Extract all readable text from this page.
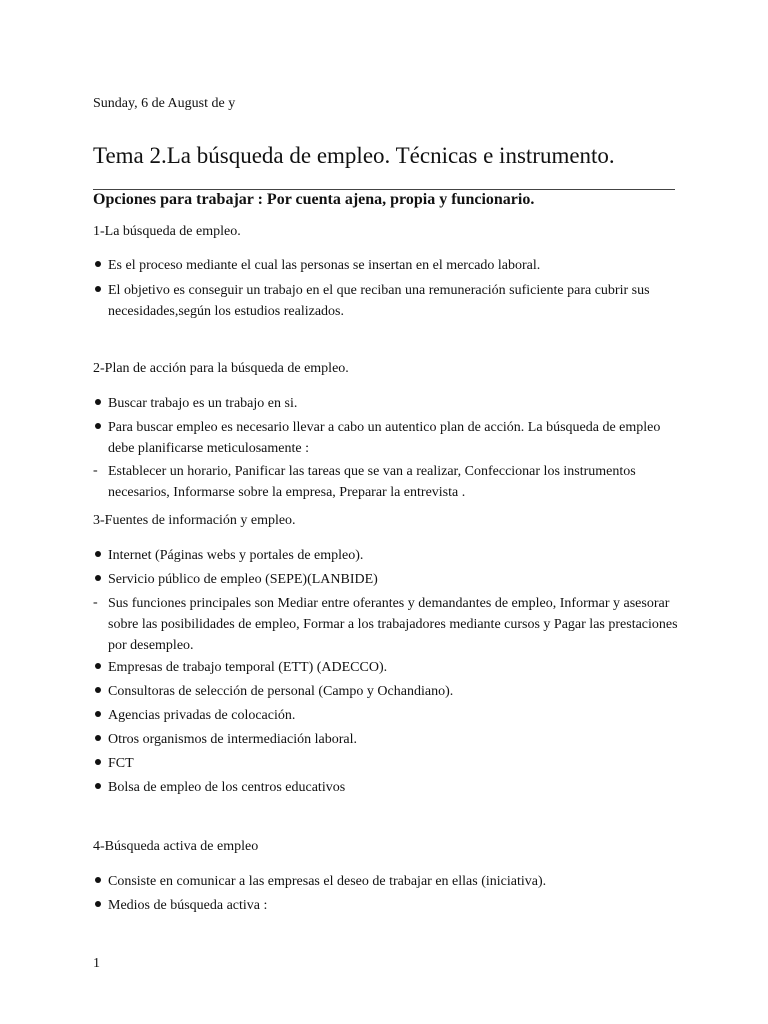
Sunday, 6 de August de y
Tema 2.La búsqueda de empleo. Técnicas e instrumento.
Opciones para trabajar : Por cuenta ajena, propia y funcionario.
1-La búsqueda de empleo.
Es el proceso mediante el cual las personas se insertan en el mercado laboral.
El objetivo es conseguir un trabajo en el que reciban una remuneración suficiente para cubrir sus necesidades,según los estudios realizados.
2-Plan de acción para la búsqueda de empleo.
Buscar trabajo es un trabajo en si.
Para buscar empleo es necesario llevar a cabo un autentico plan de acción. La búsqueda de empleo debe planificarse meticulosamente :
- Establecer un horario, Panificar las tareas que se van a realizar, Confeccionar los instrumentos necesarios, Informarse sobre la empresa, Preparar la entrevista .
3-Fuentes de información y empleo.
Internet (Páginas webs y portales de empleo).
Servicio público de empleo (SEPE)(LANBIDE)
- Sus funciones principales son Mediar entre oferantes y demandantes de empleo, Informar y asesorar sobre las posibilidades de empleo, Formar a los trabajadores mediante cursos y Pagar las prestaciones por desempleo.
Empresas de trabajo temporal (ETT) (ADECCO).
Consultoras de selección de personal (Campo y Ochandiano).
Agencias privadas de colocación.
Otros organismos de intermediación laboral.
FCT
Bolsa de empleo de los centros educativos
4-Búsqueda activa de empleo
Consiste en comunicar a las empresas el deseo de trabajar en ellas (iniciativa).
Medios de búsqueda activa :
1
